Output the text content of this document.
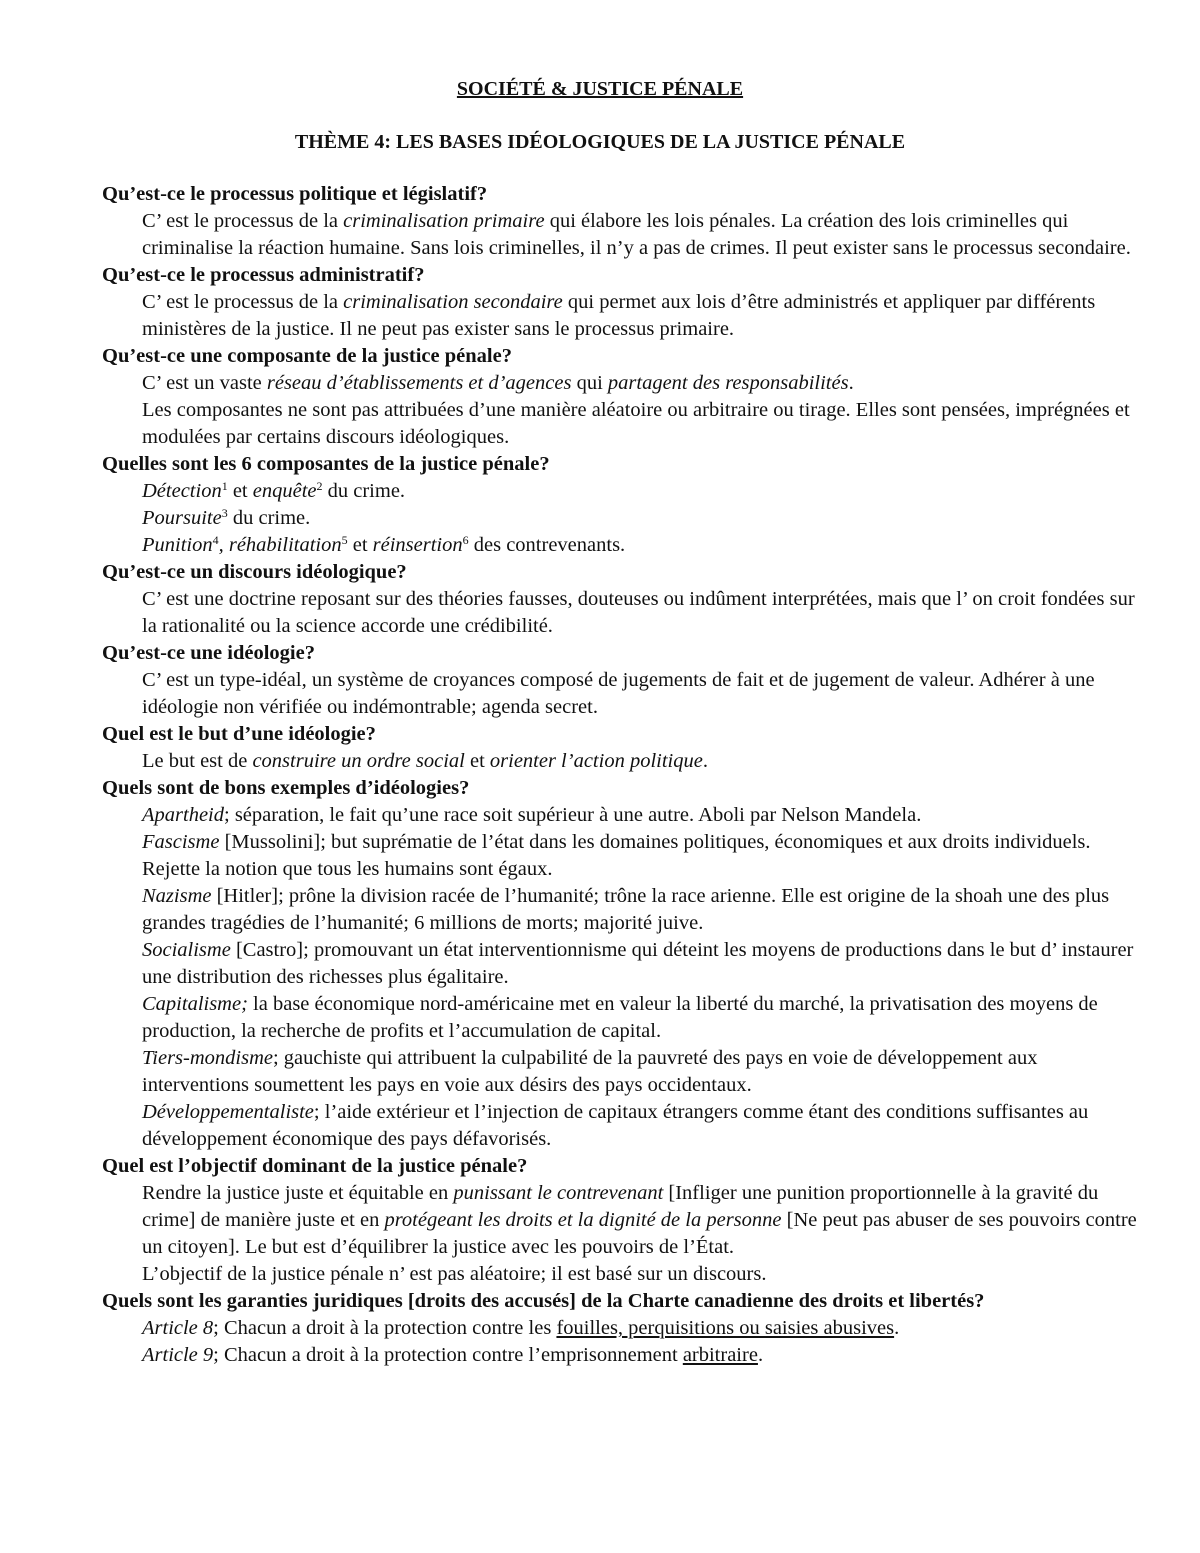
SOCIÉTÉ & JUSTICE PÉNALE
THÈME 4: LES BASES IDÉOLOGIQUES DE LA JUSTICE PÉNALE

Qu’est-ce le processus politique et législatif?

C’ est le processus de la criminalisation primaire qui élabore les lois pénales. La création des lois criminelles qui criminalise la réaction humaine. Sans lois criminelles, il n’y a pas de crimes. Il peut exister sans le processus secondaire.

Qu’est-ce le processus administratif?

C’ est le processus de la criminalisation secondaire qui permet aux lois d’être administrés et appliquer par différents ministères de la justice. Il ne peut pas exister sans le processus primaire.

Qu’est-ce une composante de la justice pénale?

C’ est un vaste réseau d’établissements et d’agences qui partagent des responsabilités.

Les composantes ne sont pas attribuées d’une manière aléatoire ou arbitraire ou tirage. Elles sont pensées, imprégnées et modulées par certains discours idéologiques.

Quelles sont les 6 composantes de la justice pénale?

Détection$^1$ et enquête$^2$ du crime.

Poursuite$^3$ du crime.

Punition$^4$, réhabilitation$^5$ et réinsertion$^6$ des contrevenants.

Qu’est-ce un discours idéologique?

C’ est une doctrine reposant sur des théories fausses, douteuses ou indûment interprétées, mais que l’ on croit fondées sur la rationalité ou la science accorde une crédibilité.

Qu’est-ce une idéologie?

C’ est un type-idéal, un système de croyances composé de jugements de fait et de jugement de valeur. Adhérer à une idéologie non vérifiée ou indémontrable; agenda secret.

Quel est le but d’une idéologie?

Le but est de construire un ordre social et orienter l’action politique.

Quels sont de bons exemples d’idéologies?

Apartheid; séparation, le fait qu’une race soit supérieur à une autre. Aboli par Nelson Mandela.

Fascisme [Mussolini]; but suprématie de l’état dans les domaines politiques, économiques et aux droits individuels. Rejette la notion que tous les humains sont égaux.

Nazisme [Hitler]; prône la division racée de l’humanité; trône la race arienne. Elle est origine de la shoah une des plus grandes tragédies de l’humanité; 6 millions de morts; majorité juive.

Socialisme [Castro]; promouvant un état interventionnisme qui déteint les moyens de productions dans le but d’ instaurer une distribution des richesses plus égalitaire.

Capitalisme; la base économique nord-américaine met en valeur la liberté du marché, la privatisation des moyens de production, la recherche de profits et l’accumulation de capital.

Tiers-mondisme; gauchiste qui attribuent la culpabilité de la pauvreté des pays en voie de développement aux interventions soumettent les pays en voie aux désirs des pays occidentaux.

Développementaliste; l’aide extérieur et l’injection de capitaux étrangers comme étant des conditions suffisantes au développement économique des pays défavorisés.

Quel est l’objectif dominant de la justice pénale?

Rendre la justice juste et équitable en punissant le contrevenant [Infliger une punition proportionnelle à la gravité du crime] de manière juste et en protégeant les droits et la dignité de la personne [Ne peut pas abuser de ses pouvoirs contre un citoyen]. Le but est d’équilibrer la justice avec les pouvoirs de l’État.

L’objectif de la justice pénale n’ est pas aléatoire; il est basé sur un discours.

Quels sont les garanties juridiques [droits des accusés] de la Charte canadienne des droits et libertés?

Article 8; Chacun a droit à la protection contre les fouilles, perquisitions ou saisies abusives.

Article 9; Chacun a droit à la protection contre l’emprisonnement arbitraire.
